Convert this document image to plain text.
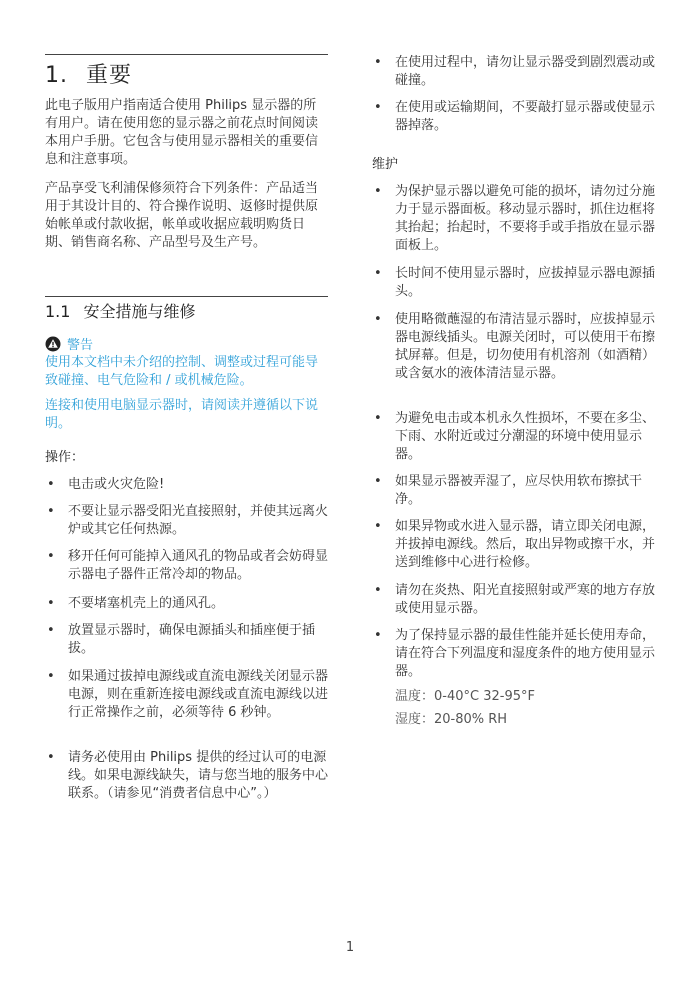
1. 重要

此电子版用户指南适合使用 Philips 显示器的所有用户。请在使用您的显示器之前花点时间阅读本用户手册。它包含与使用显示器相关的重要信息和注意事项。

产品享受飞利浦保修须符合下列条件：产品适当用于其设计目的、符合操作说明、返修时提供原始帐单或付款收据，帐单或收据应载明购货日期、销售商名称、产品型号及生产号。

1.1 安全措施与维修
警告

使用本文档中未介绍的控制、调整或过程可能导致碰撞、电气危险和 / 或机械危险。

连接和使用电脑显示器时，请阅读并遵循以下说明。

操作：

• 电击或火灾危险!
• 不要让显示器受阳光直接照射，并使其远离火炉或其它任何热源。
• 移开任何可能掉入通风孔的物品或者会妨碍显示器电子器件正常冷却的物品。
• 不要堵塞机壳上的通风孔。
• 放置显示器时，确保电源插头和插座便于插拔。
• 如果通过拔掉电源线或直流电源线关闭显示器电源，则在重新连接电源线或直流电源线以进行正常操作之前，必须等待 6 秒钟。
• 请务必使用由 Philips 提供的经过认可的电源线。如果电源线缺失，请与您当地的服务中心联系。（请参见“消费者信息中心”。）
• 在使用过程中，请勿让显示器受到剧烈震动或碰撞。
• 在使用或运输期间，不要敲打显示器或使显示器掉落。

维护

• 为保护显示器以避免可能的损坏，请勿过分施力于显示器面板。移动显示器时，抓住边框将其抬起；抬起时，不要将手或手指放在显示器面板上。
• 长时间不使用显示器时，应拔掉显示器电源插头。
• 使用略微蘸湿的布清洁显示器时，应拔掉显示器电源线插头。电源关闭时，可以使用干布擦拭屏幕。但是，切勿使用有机溶剂（如酒精）或含氨水的液体清洁显示器。
• 为避免电击或本机永久性损坏，不要在多尘、下雨、水附近或过分潮湿的环境中使用显示器。
• 如果显示器被弄湿了，应尽快用软布擦拭干净。
• 如果异物或水进入显示器，请立即关闭电源，并拔掉电源线。然后，取出异物或擦干水，并送到维修中心进行检修。
• 请勿在炎热、阳光直接照射或严寒的地方存放或使用显示器。
• 为了保持显示器的最佳性能并延长使用寿命，请在符合下列温度和湿度条件的地方使用显示器。
温度：0-40°C 32-95°F
湿度：20-80% RH
1
